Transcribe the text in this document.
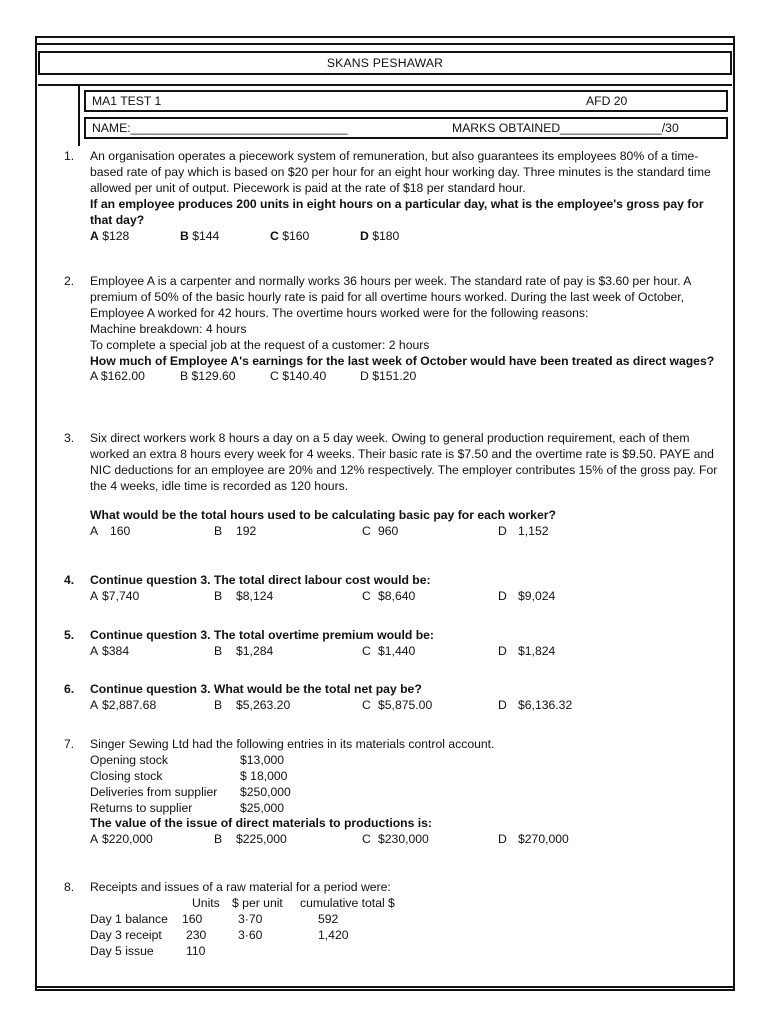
SKANS PESHAWAR
MA1 TEST 1	AFD 20
NAME:________________________________	MARKS OBTAINED_______________/30
1. An organisation operates a piecework system of remuneration, but also guarantees its employees 80% of a time-based rate of pay which is based on $20 per hour for an eight hour working day. Three minutes is the standard time allowed per unit of output. Piecework is paid at the rate of $18 per standard hour.
If an employee produces 200 units in eight hours on a particular day, what is the employee's gross pay for that day?
A $128	B $144	C $160	D $180
2. Employee A is a carpenter and normally works 36 hours per week. The standard rate of pay is $3.60 per hour. A premium of 50% of the basic hourly rate is paid for all overtime hours worked. During the last week of October, Employee A worked for 42 hours. The overtime hours worked were for the following reasons:
Machine breakdown: 4 hours
To complete a special job at the request of a customer: 2 hours
How much of Employee A's earnings for the last week of October would have been treated as direct wages?
A $162.00	B $129.60	C $140.40	D $151.20
3. Six direct workers work 8 hours a day on a 5 day week. Owing to general production requirement, each of them worked an extra 8 hours every week for 4 weeks. Their basic rate is $7.50 and the overtime rate is $9.50. PAYE and NIC deductions for an employee are 20% and 12% respectively. The employer contributes 15% of the gross pay. For the 4 weeks, idle time is recorded as 120 hours.
What would be the total hours used to be calculating basic pay for each worker?
A 160	B 192	C 960	D 1,152
4. Continue question 3. The total direct labour cost would be:
A $7,740	B $8,124	C $8,640	D $9,024
5. Continue question 3. The total overtime premium would be:
A $384	B $1,284	C $1,440	D $1,824
6. Continue question 3. What would be the total net pay be?
A $2,887.68	B $5,263.20	C $5,875.00	D $6,136.32
7. Singer Sewing Ltd had the following entries in its materials control account.
Opening stock	$13,000
Closing stock	$ 18,000
Deliveries from supplier $250,000
Returns to supplier	$25,000
The value of the issue of direct materials to productions is:
A $220,000	B $225,000	C $230,000	D $270,000
8. Receipts and issues of a raw material for a period were:
Units $ per unit cumulative total $
Day 1 balance 160	3·70	592
Day 3 receipt 230	3·60	1,420
Day 5 issue	110
